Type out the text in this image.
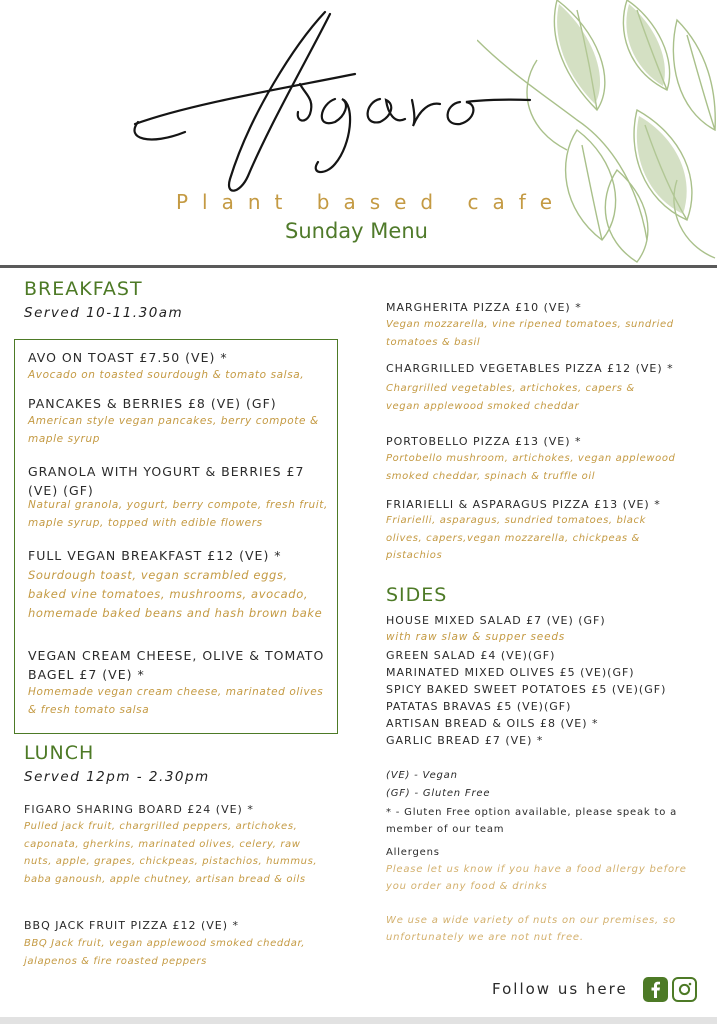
figaro
Plant based cafe
Sunday Menu
BREAKFAST
Served 10-11.30am
AVO ON TOAST £7.50 (VE) *
Avocado on toasted sourdough & tomato salsa,
PANCAKES & BERRIES £8 (VE) (GF)
American style vegan pancakes, berry compote & maple syrup
GRANOLA WITH YOGURT & BERRIES £7 (VE) (GF)
Natural granola, yogurt, berry compote, fresh fruit, maple syrup, topped with edible flowers
FULL VEGAN BREAKFAST £12 (VE) *
Sourdough toast, vegan scrambled eggs, baked vine tomatoes, mushrooms, avocado, homemade baked beans and hash brown bake
VEGAN CREAM CHEESE, OLIVE & TOMATO BAGEL £7 (VE) *
Homemade vegan cream cheese, marinated olives & fresh tomato salsa
LUNCH
Served 12pm - 2.30pm
FIGARO SHARING BOARD £24 (VE) *
Pulled jack fruit, chargrilled peppers, artichokes, caponata, gherkins, marinated olives, celery, raw nuts, apple, grapes, chickpeas, pistachios, hummus, baba ganoush, apple chutney, artisan bread & oils
BBQ JACK FRUIT PIZZA £12 (VE) *
BBQ Jack fruit, vegan applewood smoked cheddar, jalapenos & fire roasted peppers
MARGHERITA PIZZA £10 (VE) *
Vegan mozzarella, vine ripened tomatoes, sundried tomatoes & basil
CHARGRILLED VEGETABLES PIZZA £12 (VE) *
Chargrilled vegetables, artichokes, capers & vegan applewood smoked cheddar
PORTOBELLO PIZZA £13 (VE) *
Portobello mushroom, artichokes, vegan applewood smoked cheddar, spinach & truffle oil
FRIARIELLI & ASPARAGUS PIZZA £13 (VE) *
Friarielli, asparagus, sundried tomatoes, black olives, capers,vegan mozzarella, chickpeas & pistachios
SIDES
HOUSE MIXED SALAD £7 (VE) (GF)
with raw slaw & supper seeds
GREEN SALAD £4 (VE)(GF)
MARINATED MIXED OLIVES £5 (VE)(GF)
SPICY BAKED SWEET POTATOES £5 (VE)(GF)
PATATAS BRAVAS £5 (VE)(GF)
ARTISAN BREAD & OILS £8 (VE) *
GARLIC BREAD £7 (VE) *
(VE) - Vegan
(GF) - Gluten Free
* - Gluten Free option available, please speak to a member of our team
Allergens
Please let us know if you have a food allergy before you order any food & drinks
We use a wide variety of nuts on our premises, so unfortunately we are not nut free.
Follow us here
